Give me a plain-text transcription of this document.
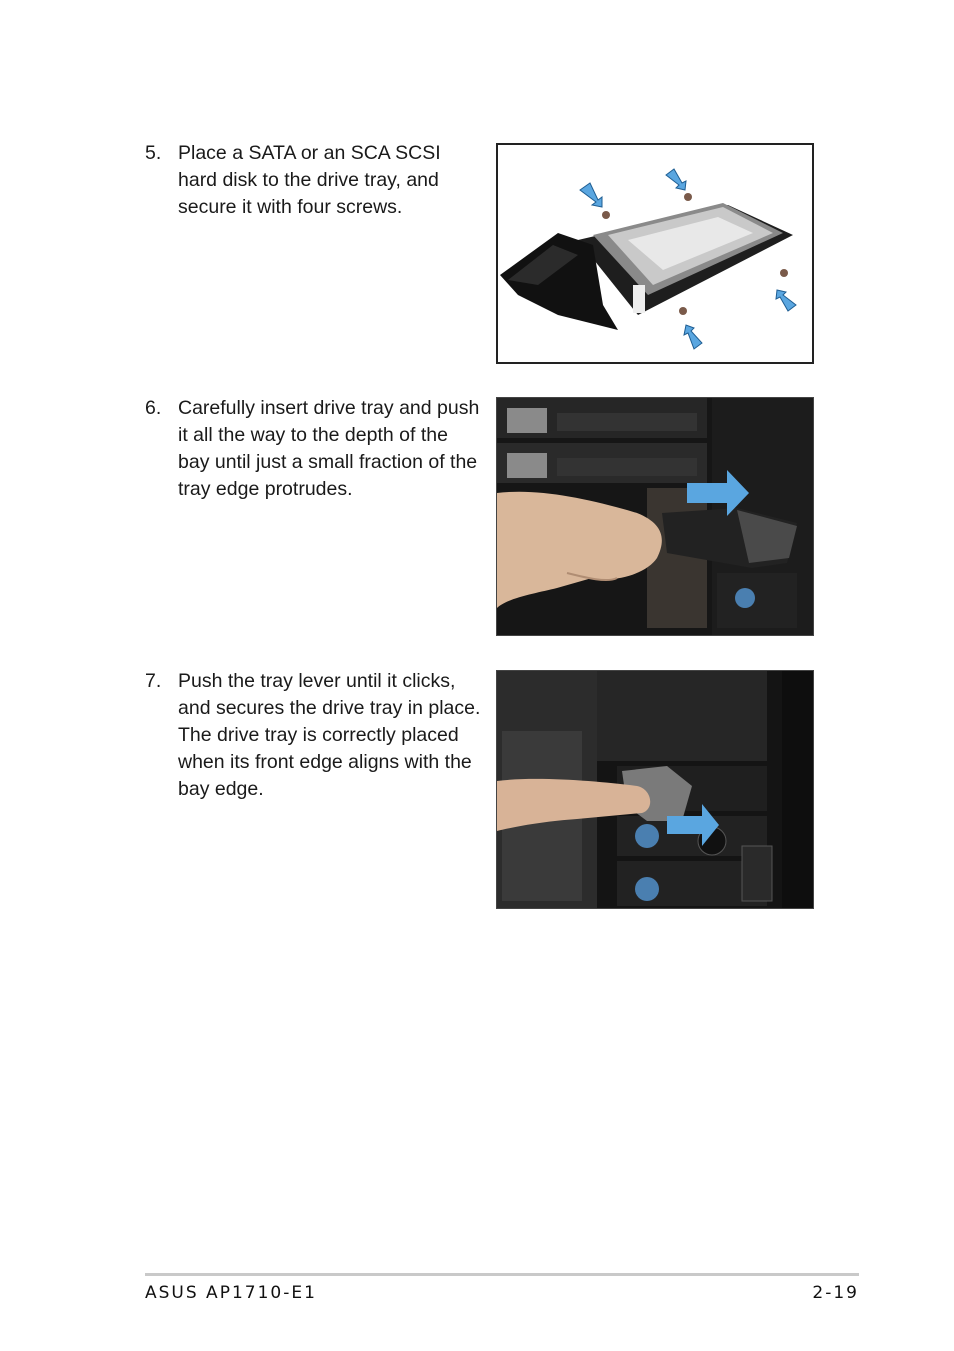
5. Place a SATA or an SCA SCSI hard disk to the drive tray, and secure it with four screws.
6. Carefully insert drive tray and push it all the way to the depth of the bay until just a small fraction of the tray edge protrudes.
7. Push the tray lever until it clicks, and secures the drive tray in place. The drive tray is correctly placed when its front edge aligns with the bay edge.
ASUS AP1710-E1	2-19
